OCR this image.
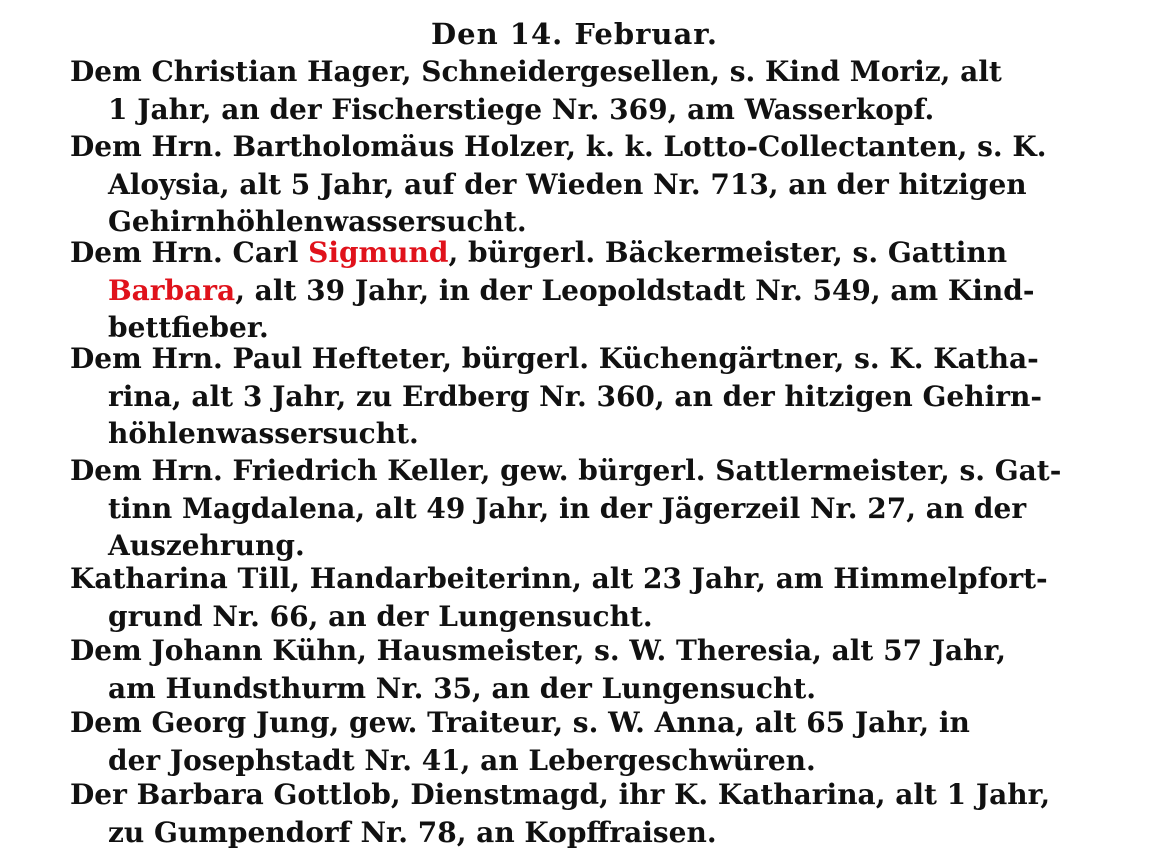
Den 14. Februar.
Dem Christian Hager, Schneidergesellen, s. Kind Moriz, alt
1 Jahr, an der Fischerstiege Nr. 369, am Wasserkopf.
Dem Hrn. Bartholomäus Holzer, k. k. Lotto-Collectanten, s. K.
Aloysia, alt 5 Jahr, auf der Wieden Nr. 713, an der hitzigen
Gehirnhöhlenwassersucht.
Dem Hrn. Carl Sigmund, bürgerl. Bäckermeister, s. Gattinn
Barbara, alt 39 Jahr, in der Leopoldstadt Nr. 549, am Kind-
bettfieber.
Dem Hrn. Paul Hefteter, bürgerl. Küchengärtner, s. K. Katha-
rina, alt 3 Jahr, zu Erdberg Nr. 360, an der hitzigen Gehirn-
höhlenwassersucht.
Dem Hrn. Friedrich Keller, gew. bürgerl. Sattlermeister, s. Gat-
tinn Magdalena, alt 49 Jahr, in der Jägerzeil Nr. 27, an der
Auszehrung.
Katharina Till, Handarbeiterinn, alt 23 Jahr, am Himmelpfort-
grund Nr. 66, an der Lungensucht.
Dem Johann Kühn, Hausmeister, s. W. Theresia, alt 57 Jahr,
am Hundsthurm Nr. 35, an der Lungensucht.
Dem Georg Jung, gew. Traiteur, s. W. Anna, alt 65 Jahr, in
der Josephstadt Nr. 41, an Lebergeschwüren.
Der Barbara Gottlob, Dienstmagd, ihr K. Katharina, alt 1 Jahr,
zu Gumpendorf Nr. 78, an Kopffraisen.
